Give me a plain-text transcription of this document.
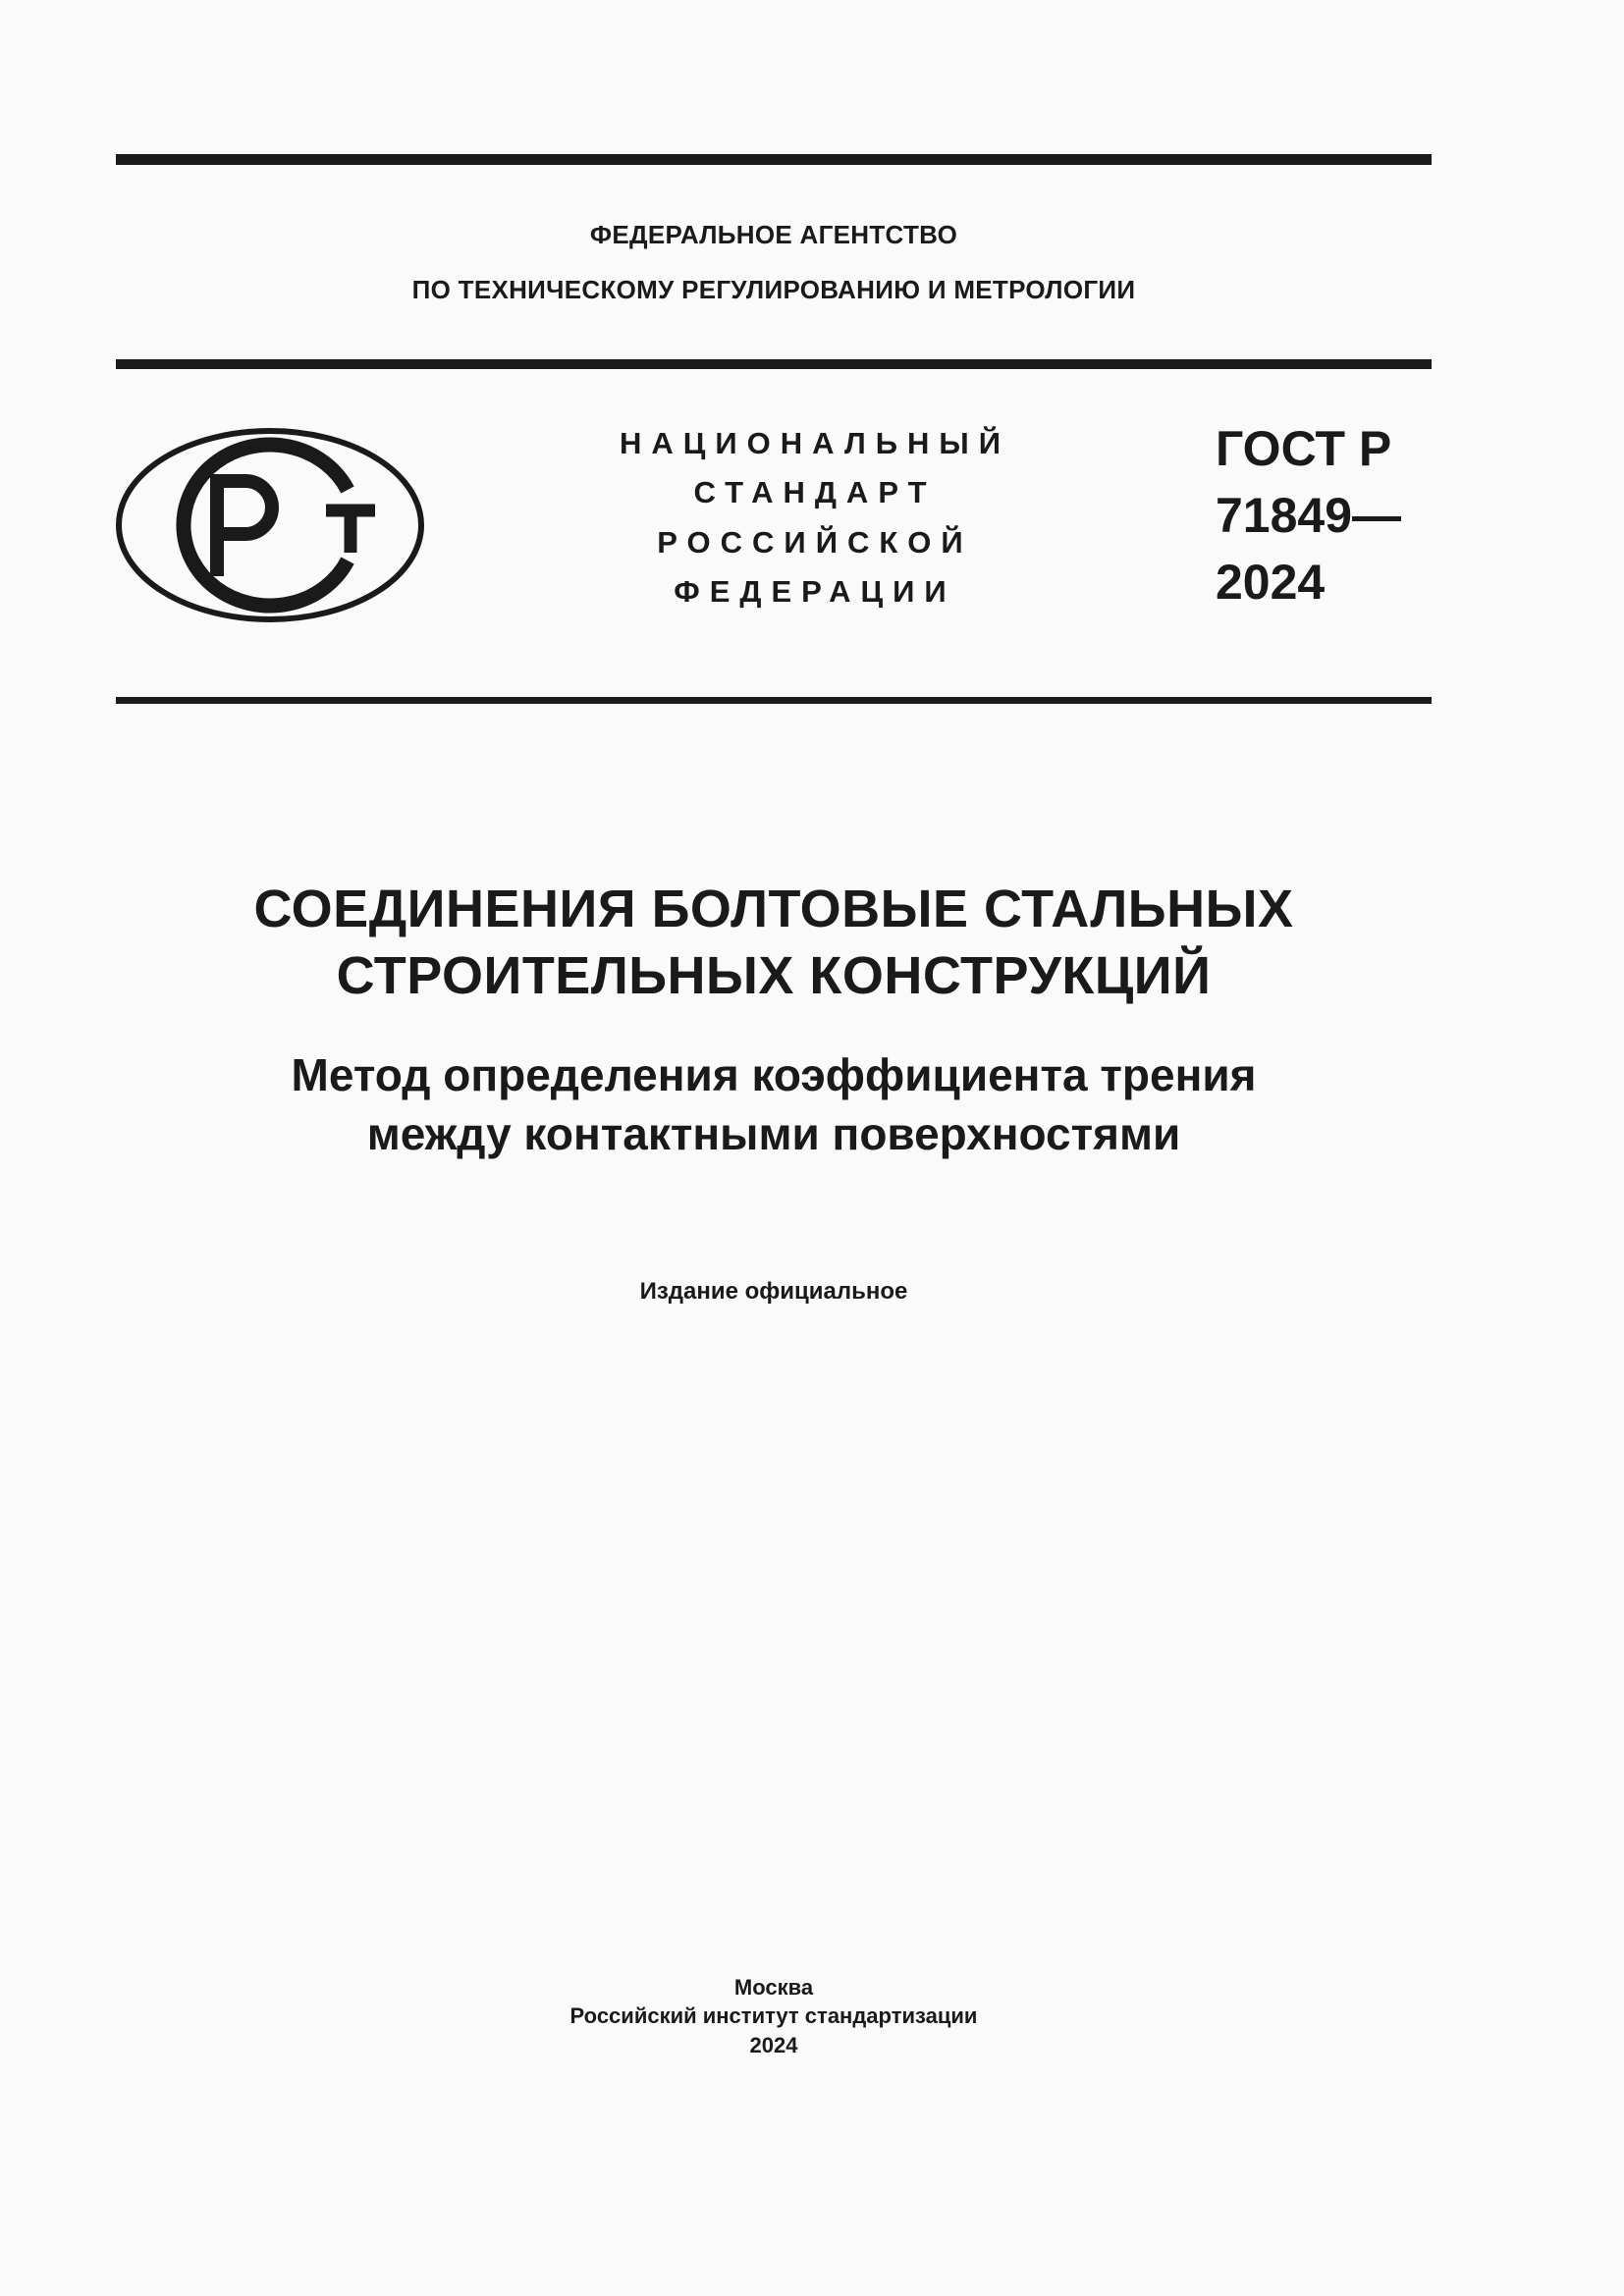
ФЕДЕРАЛЬНОЕ АГЕНТСТВО
ПО ТЕХНИЧЕСКОМУ РЕГУЛИРОВАНИЮ И МЕТРОЛОГИИ
НАЦИОНАЛЬНЫЙ
СТАНДАРТ
РОССИЙСКОЙ
ФЕДЕРАЦИИ
ГОСТ Р
71849—
2024
СОЕДИНЕНИЯ БОЛТОВЫЕ СТАЛЬНЫХ
СТРОИТЕЛЬНЫХ КОНСТРУКЦИЙ
Метод определения коэффициента трения
между контактными поверхностями
Издание официальное
Москва
Российский институт стандартизации
2024
